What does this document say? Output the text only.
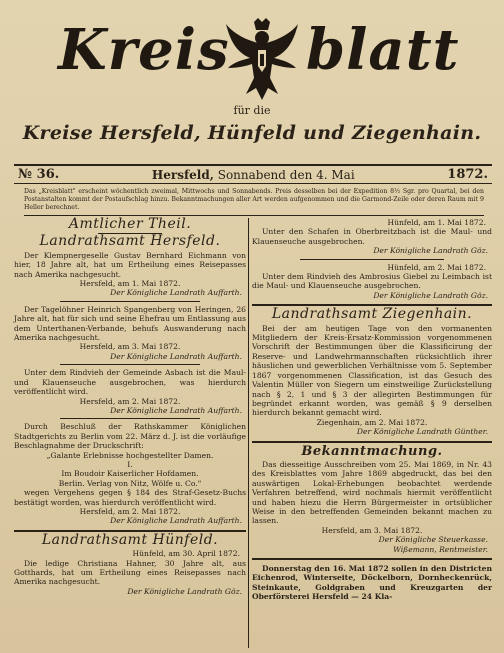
Kreis blatt
für die
Kreise Hersfeld, Hünfeld und Ziegenhain.
№ 36.	Hersfeld, Sonnabend den 4. Mai	1872.
Das „Kreisblatt" erscheint wöchentlich zweimal, Mittwochs und Sonnabends. Preis desselben bei der Expedition 8½ Sgr. pro Quartal, bei den Postanstalten kommt der Postaufschlag hinzu. Bekanntmachungen aller Art werden aufgenommen und die Garmond-Zeile oder deren Raum mit 9 Heller berechnet.
Amtlicher Theil.
Landrathsamt Hersfeld.
Der Klempnergeselle Gustav Bernhard Eichmann von hier, 18 Jahre alt, hat um Ertheilung eines Reisepasses nach Amerika nachgesucht.
Hersfeld, am 1. Mai 1872.
Der Königliche Landrath Auffarth.
Der Tagelöhner Heinrich Spangenberg von Heringen, 26 Jahre alt, hat für sich und seine Ehefrau um Entlassung aus dem Unterthanen-Verbande, behufs Auswanderung nach Amerika nachgesucht.
Hersfeld, am 3. Mai 1872.
Der Königliche Landrath Auffarth.
Unter dem Rindvieh der Gemeinde Asbach ist die Maul- und Klauenseuche ausgebrochen, was hierdurch veröffentlicht wird.
Hersfeld, am 2. Mai 1872.
Der Königliche Landrath Auffarth.
Durch Beschluß der Rathskammer Königlichen Stadtgerichts zu Berlin vom 22. März d. J. ist die vorläufige Beschlagnahme der Druckschrift:
„Galante Erlebnisse hochgestellter Damen.
I.
Im Boudoir Kaiserlicher Hofdamen.
Berlin. Verlag von Nitz, Wölfe u. Co."
wegen Vergehens gegen § 184 des Straf-Gesetz-Buchs bestätigt worden, was hierdurch veröffentlicht wird.
Hersfeld, am 2. Mai 1872.
Der Königliche Landrath Auffarth.
Landrathsamt Hünfeld.
Hünfeld, am 30. April 1872.
Die ledige Christiana Hahner, 30 Jahre alt, aus Gotthards, hat um Ertheilung eines Reisepasses nach Amerika nachgesucht.
Der Königliche Landrath Göz.
Hünfeld, am 1. Mai 1872.
Unter den Schafen in Oberbreitzbach ist die Maul- und Klauenseuche ausgebrochen.
Der Königliche Landrath Göz.
Hünfeld, am 2. Mai 1872.
Unter dem Rindvieh des Ambrosius Giebel zu Leimbach ist die Maul- und Klauenseuche ausgebrochen.
Der Königliche Landrath Göz.
Landrathsamt Ziegenhain.
Bei der am heutigen Tage von den vormanenten Mitgliedern der Kreis-Ersatz-Kommission vorgenommenen Vorschrift der Bestimmungen über die Klassificirung der Reserve- und Landwehrmannschaften rücksichtlich ihrer häuslichen und gewerblichen Verhältnisse vom 5. September 1867 vorgenommenen Classification, ist das Gesuch des Valentin Müller von Siegern um einstweilige Zurückstellung nach § 2, 1 und § 3 der allegirten Bestimmungen für begründet erkannt worden, was gemäß § 9 derselben hierdurch bekannt gemacht wird.
Ziegenhain, am 2. Mai 1872.
Der Königliche Landrath Günther.
Bekanntmachung.
Das diesseitige Ausschreiben vom 25. Mai 1869, in Nr. 43 des Kreisblattes vom Jahre 1869 abgedruckt, das bei den auswärtigen Lokal-Erhebungen beobachtet werdende Verfahren betreffend, wird nochmals hiermit veröffentlicht und haben hiezu die Herrn Bürgermeister in ortsüblicher Weise in den betreffenden Gemeinden bekannt machen zu lassen.
Hersfeld, am 3. Mai 1872.
Der Königliche Steuerkasse.
Wißemann, Rentmeister.
Donnerstag den 16. Mai 1872 sollen in den Districten Eichenrod, Winterseite, Döckelborn, Dornheckenrück, Steinkaute, Goldgraben und Kreuzgarten der Oberförsterei Hersfeld — 24 Kla-
